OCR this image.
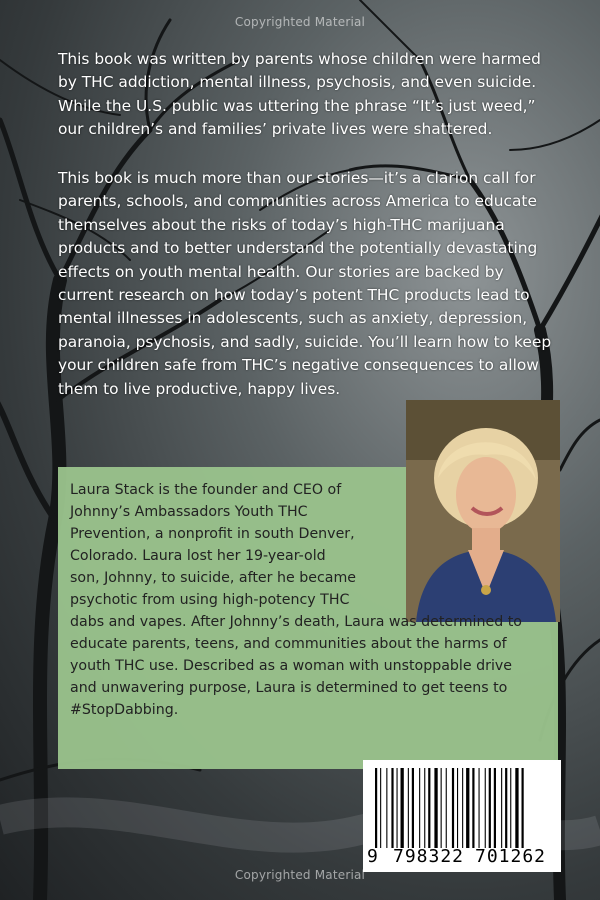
Copyrighted Material
This book was written by parents whose children were harmed
by THC addiction, mental illness, psychosis, and even suicide.
While the U.S. public was uttering the phrase “It’s just weed,”
our children’s and families’ private lives were shattered.
This book is much more than our stories—it’s a clarion call for
parents, schools, and communities across America to educate
themselves about the risks of today’s high-THC marijuana
products and to better understand the potentially devastating
effects on youth mental health. Our stories are backed by
current research on how today’s potent THC products lead to
mental illnesses in adolescents, such as anxiety, depression,
paranoia, psychosis, and sadly, suicide. You’ll learn how to keep
your children safe from THC’s negative consequences to allow
them to live productive, happy lives.
Laura Stack is the founder and CEO of
Johnny’s Ambassadors Youth THC
Prevention, a nonprofit in south Denver,
Colorado. Laura lost her 19-year-old
son, Johnny, to suicide, after he became
psychotic from using high-potency THC
dabs and vapes. After Johnny’s death, Laura was determined to
educate parents, teens, and communities about the harms of
youth THC use. Described as a woman with unstoppable drive
and unwavering purpose, Laura is determined to get teens to
#StopDabbing.
9 798322 701262
Copyrighted Material
